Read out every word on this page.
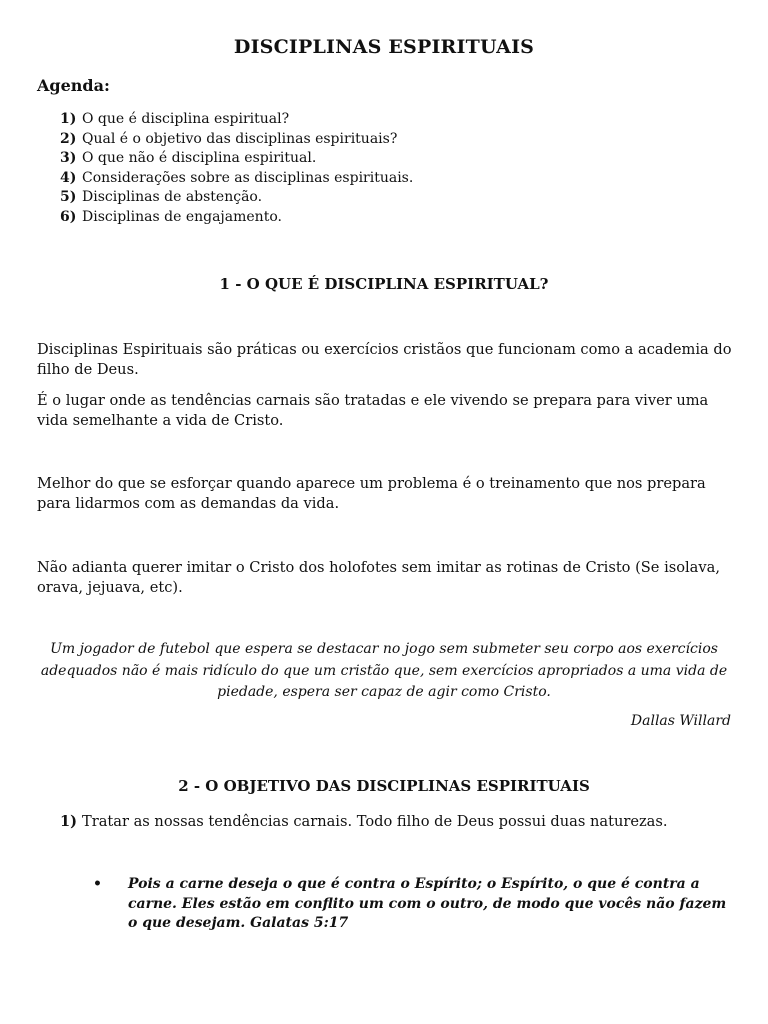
DISCIPLINAS ESPIRITUAIS
Agenda:
1) O que é disciplina espiritual?
2) Qual é o objetivo das disciplinas espirituais?
3) O que não é disciplina espiritual.
4) Considerações sobre as disciplinas espirituais.
5) Disciplinas de abstenção.
6) Disciplinas de engajamento.
1 - O QUE É DISCIPLINA ESPIRITUAL?
Disciplinas Espirituais são práticas ou exercícios cristãos que funcionam como a academia do filho de Deus.
É o lugar onde as tendências carnais são tratadas e ele vivendo se prepara para viver uma vida semelhante a vida de Cristo.
Melhor do que se esforçar quando aparece um problema é o treinamento que nos prepara para lidarmos com as demandas da vida.
Não adianta querer imitar o Cristo dos holofotes sem imitar as rotinas de Cristo (Se isolava, orava, jejuava, etc).
Um jogador de futebol que espera se destacar no jogo sem submeter seu corpo aos exercícios adequados não é mais ridículo do que um cristão que, sem exercícios apropriados a uma vida de piedade, espera ser capaz de agir como Cristo.
Dallas Willard
2 - O OBJETIVO DAS DISCIPLINAS ESPIRITUAIS
1) Tratar as nossas tendências carnais. Todo filho de Deus possui duas naturezas.
•	Pois a carne deseja o que é contra o Espírito; o Espírito, o que é contra a carne. Eles estão em conflito um com o outro, de modo que vocês não fazem o que desejam. Galatas 5:17
